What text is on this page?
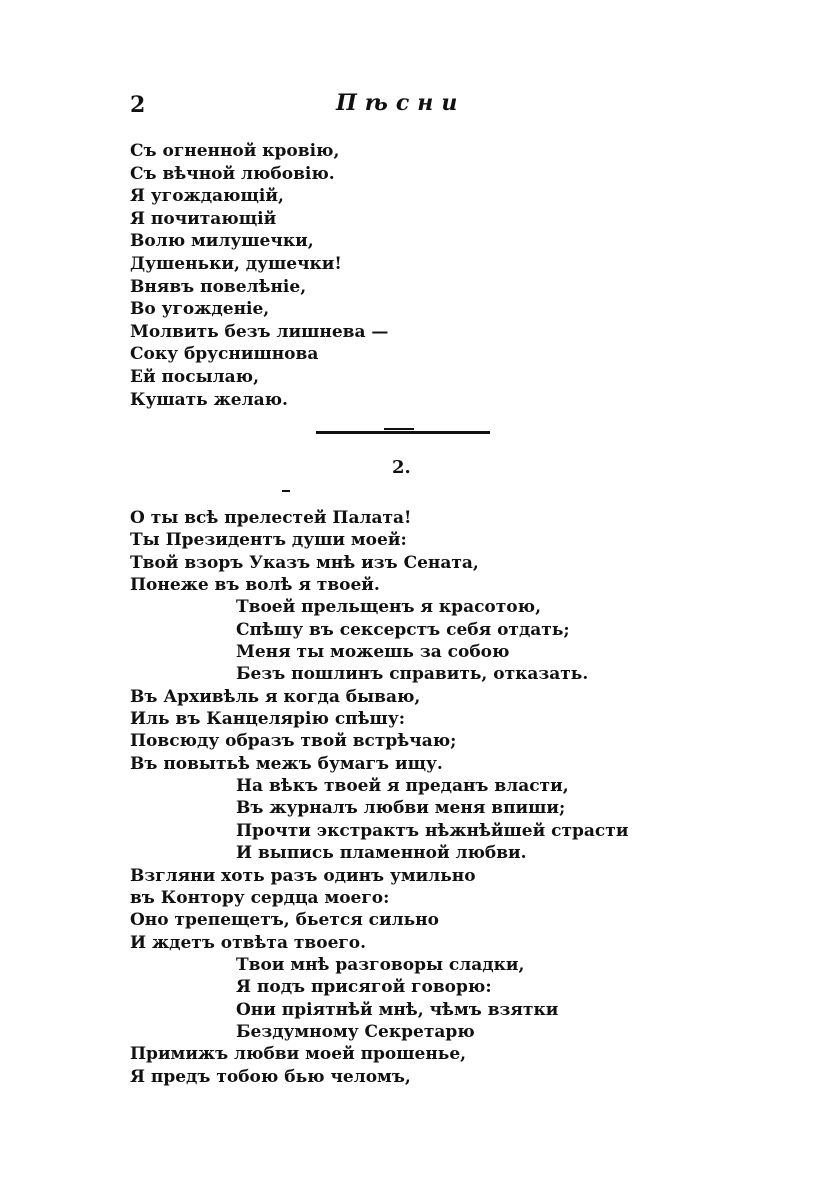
2	Пѣсни
Съ огненной кровію,
Съ вѣчной любовію.
Я угождающій,
Я почитающій
Волю милушечки,
Душеньки, душечки!
Внявъ повелѣніе,
Во угожденіе,
Молвить безъ лишнева —
Соку бруснишнова
Ей посылаю,
Кушать желаю.
2.
О ты всѣ прелестей Палата!
Ты Президентъ души моей:
Твой взоръ Указъ мнѣ изъ Сената,
Понеже въ волѣ я твоей.
Твоей прельщенъ я красотою,
Спѣшу въ сексерстъ себя отдать;
Меня ты можешь за собою
Безъ пошлинъ справить, отказать.
Въ Архивѣль я когда бываю,
Иль въ Канцелярію спѣшу:
Повсюду образъ твой встрѣчаю;
Въ повытьѣ межъ бумагъ ищу.
На вѣкъ твоей я преданъ власти,
Въ журналъ любви меня впиши;
Прочти экстрактъ нѣжнѣйшей страсти
И выпись пламенной любви.
Взгляни хоть разъ одинъ умильно
въ Контору сердца моего:
Оно трепещетъ, бьется сильно
И ждетъ отвѣта твоего.
Твои мнѣ разговоры сладки,
Я подъ присягой говорю:
Они пріятнѣй мнѣ, чѣмъ взятки
Бездумному Секретарю
Примижъ любви моей прошенье,
Я предъ тобою бью челомъ,
